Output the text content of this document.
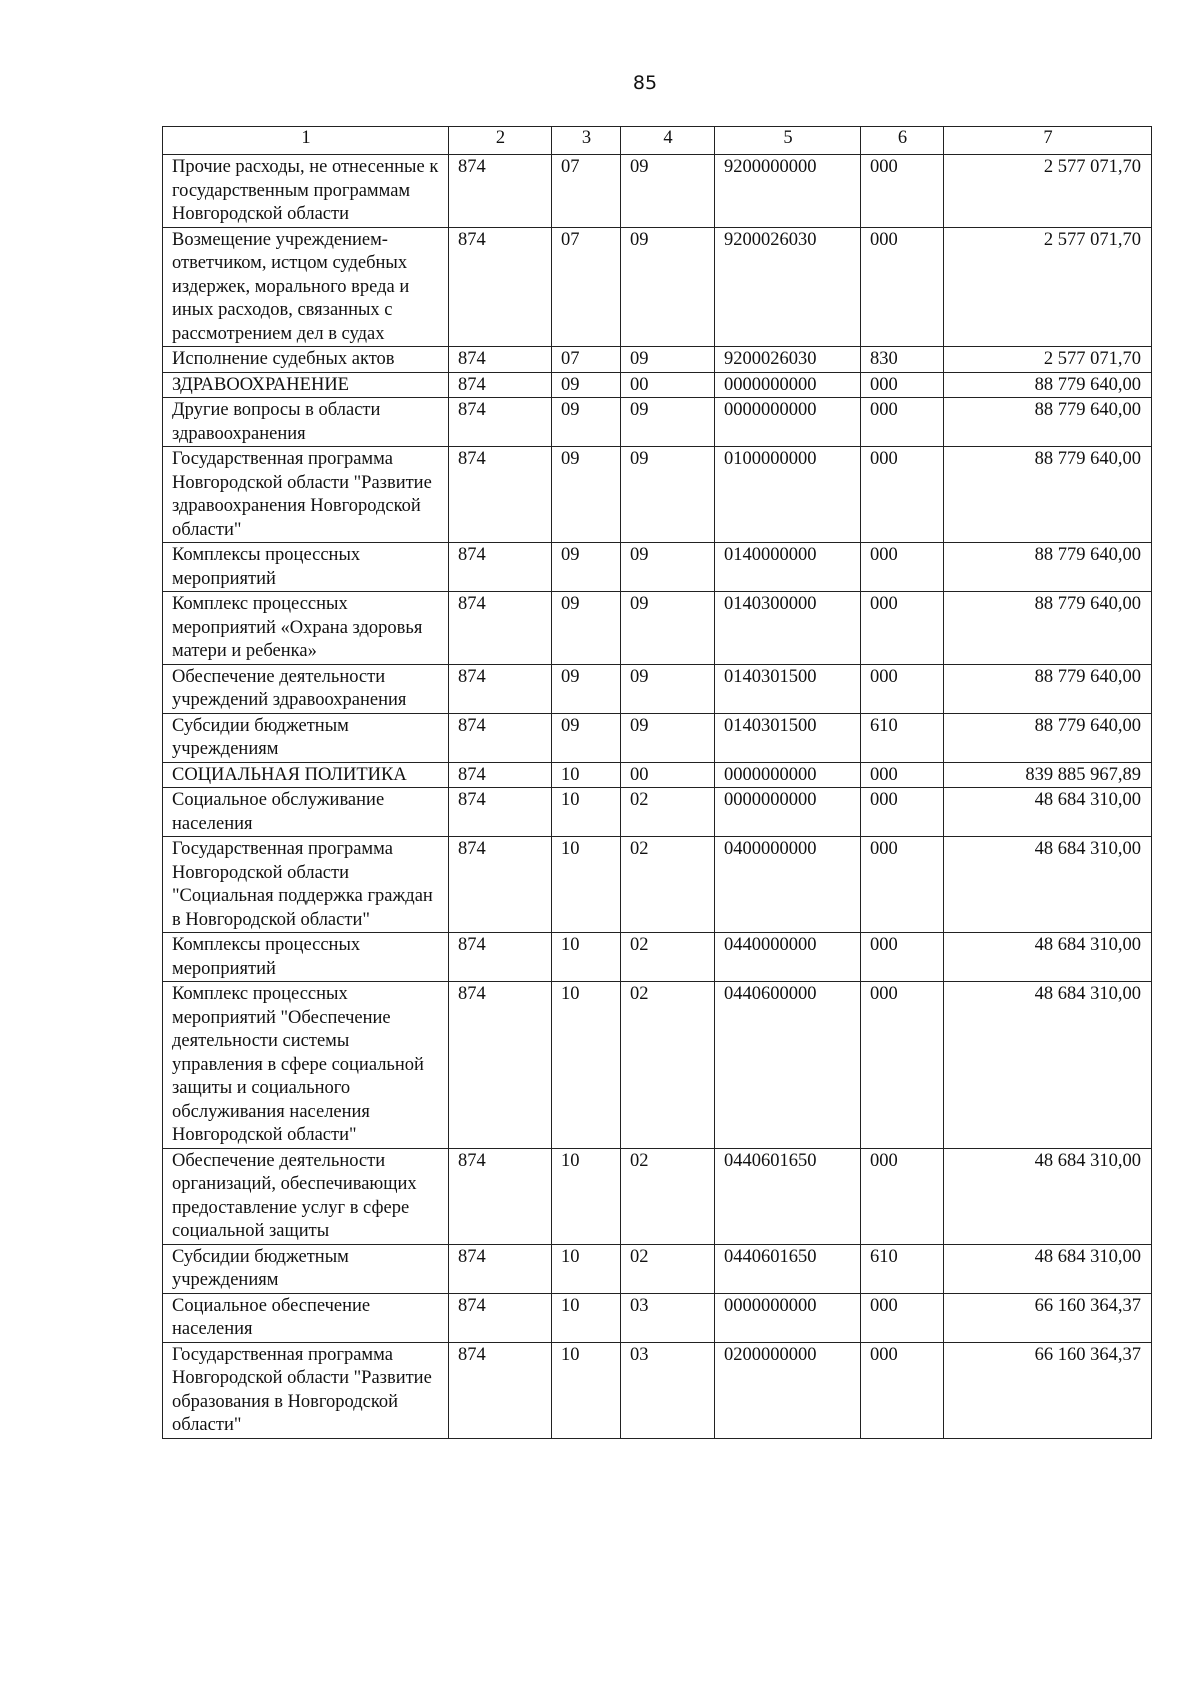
85
1	2	3	4	5	6	7
Прочие расходы, не отнесенные к государственным программам Новгородской области	874	07	09	9200000000	000	2 577 071,70
Возмещение учреждением-ответчиком, истцом судебных издержек, морального вреда и иных расходов, связанных с рассмотрением дел в судах	874	07	09	9200026030	000	2 577 071,70
Исполнение судебных актов	874	07	09	9200026030	830	2 577 071,70
ЗДРАВООХРАНЕНИЕ	874	09	00	0000000000	000	88 779 640,00
Другие вопросы в области здравоохранения	874	09	09	0000000000	000	88 779 640,00
Государственная программа Новгородской области "Развитие здравоохранения Новгородской области"	874	09	09	0100000000	000	88 779 640,00
Комплексы процессных мероприятий	874	09	09	0140000000	000	88 779 640,00
Комплекс процессных мероприятий «Охрана здоровья матери и ребенка»	874	09	09	0140300000	000	88 779 640,00
Обеспечение деятельности учреждений здравоохранения	874	09	09	0140301500	000	88 779 640,00
Субсидии бюджетным учреждениям	874	09	09	0140301500	610	88 779 640,00
СОЦИАЛЬНАЯ ПОЛИТИКА	874	10	00	0000000000	000	839 885 967,89
Социальное обслуживание населения	874	10	02	0000000000	000	48 684 310,00
Государственная программа Новгородской области "Социальная поддержка граждан в Новгородской области"	874	10	02	0400000000	000	48 684 310,00
Комплексы процессных мероприятий	874	10	02	0440000000	000	48 684 310,00
Комплекс процессных мероприятий "Обеспечение деятельности системы управления в сфере социальной защиты и социального обслуживания населения Новгородской области"	874	10	02	0440600000	000	48 684 310,00
Обеспечение деятельности организаций, обеспечивающих предоставление услуг в сфере социальной защиты	874	10	02	0440601650	000	48 684 310,00
Субсидии бюджетным учреждениям	874	10	02	0440601650	610	48 684 310,00
Социальное обеспечение населения	874	10	03	0000000000	000	66 160 364,37
Государственная программа Новгородской области "Развитие образования в Новгородской области"	874	10	03	0200000000	000	66 160 364,37
